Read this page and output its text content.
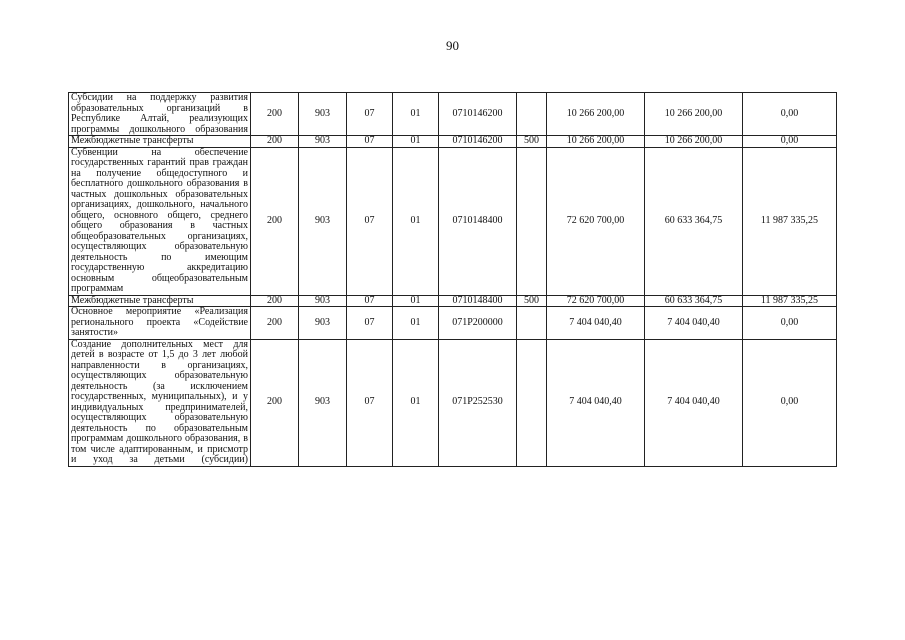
90
Субсидии на поддержку развития образовательных организаций в Республике Алтай, реализующих программы дошкольного образования	200	903	07	01	0710146200		10 266 200,00	10 266 200,00	0,00
Межбюджетные трансферты	200	903	07	01	0710146200	500	10 266 200,00	10 266 200,00	0,00
Субвенции на обеспечение государственных гарантий прав граждан на получение общедоступного и бесплатного дошкольного образования в частных дошкольных образовательных организациях, дошкольного, начального общего, основного общего, среднего общего образования в частных общеобразовательных организациях, осуществляющих образовательную деятельность по имеющим государственную аккредитацию основным общеобразовательным программам	200	903	07	01	0710148400		72 620 700,00	60 633 364,75	11 987 335,25
Межбюджетные трансферты	200	903	07	01	0710148400	500	72 620 700,00	60 633 364,75	11 987 335,25
Основное мероприятие «Реализация регионального проекта «Содействие занятости»	200	903	07	01	071P200000		7 404 040,40	7 404 040,40	0,00
Создание дополнительных мест для детей в возрасте от 1,5 до 3 лет любой направленности в организациях, осуществляющих образовательную деятельность (за исключением государственных, муниципальных), и у индивидуальных предпринимателей, осуществляющих образовательную деятельность по образовательным программам дошкольного образования, в том числе адаптированным, и присмотр и уход за детьми (субсидии)	200	903	07	01	071P252530		7 404 040,40	7 404 040,40	0,00
